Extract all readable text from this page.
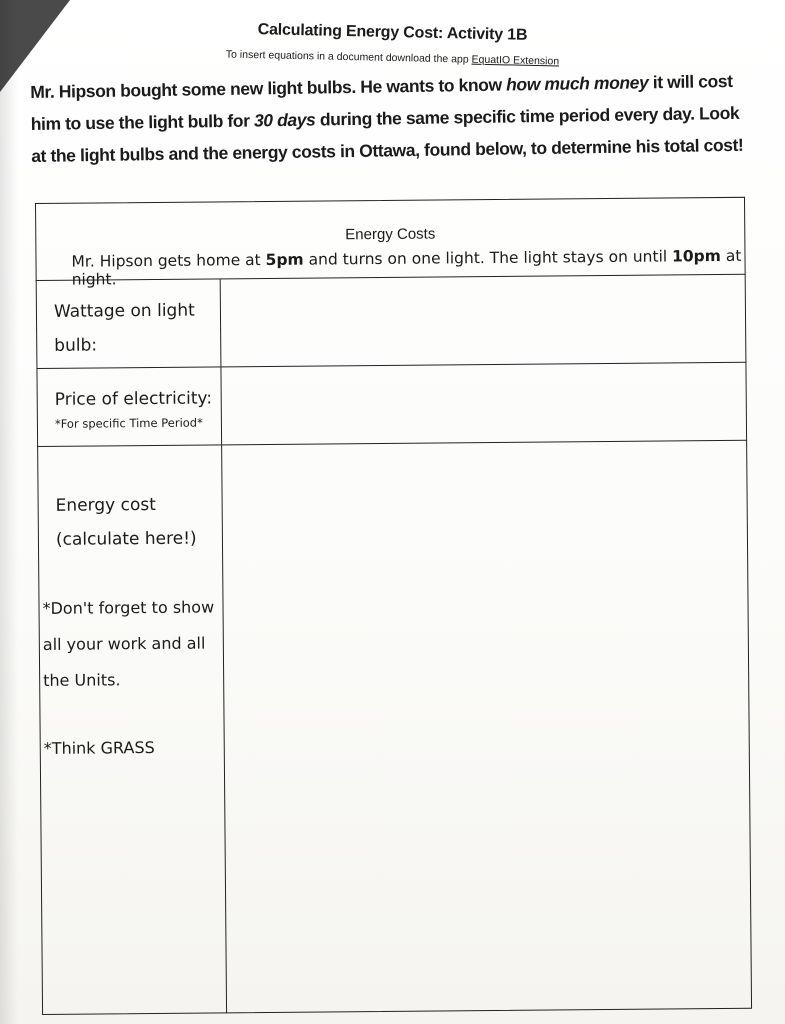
Calculating Energy Cost: Activity 1B
To insert equations in a document download the app EquatIO Extension
Mr. Hipson bought some new light bulbs. He wants to know how much money it will cost him to use the light bulb for 30 days during the same specific time period every day. Look at the light bulbs and the energy costs in Ottawa, found below, to determine his total cost!
Energy Costs
Mr. Hipson gets home at 5pm and turns on one light. The light stays on until 10pm at night.
Wattage on light bulb:
Price of electricity:
*For specific Time Period*
Energy cost (calculate here!)
*Don't forget to show all your work and all the Units.
*Think GRASS
